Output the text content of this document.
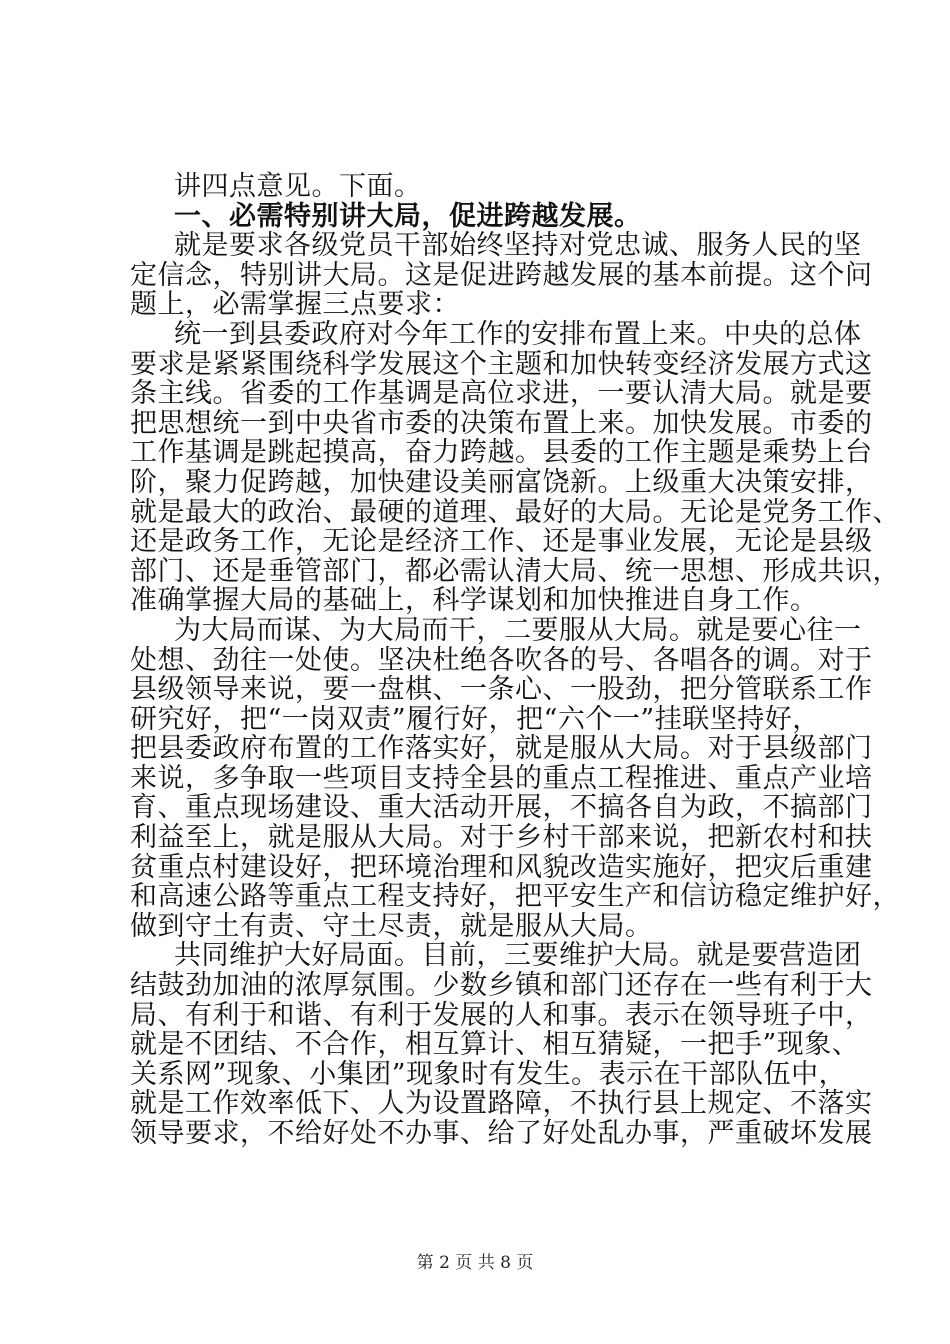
讲四点意见。下面。
一、必需特别讲大局，促进跨越发展。
就是要求各级党员干部始终坚持对党忠诚、服务人民的坚
定信念，特别讲大局。这是促进跨越发展的基本前提。这个问
题上，必需掌握三点要求：
统一到县委政府对今年工作的安排布置上来。中央的总体
要求是紧紧围绕科学发展这个主题和加快转变经济发展方式这
条主线。省委的工作基调是高位求进，一要认清大局。就是要
把思想统一到中央省市委的决策布置上来。加快发展。市委的
工作基调是跳起摸高，奋力跨越。县委的工作主题是乘势上台
阶，聚力促跨越，加快建设美丽富饶新。上级重大决策安排，
就是最大的政治、最硬的道理、最好的大局。无论是党务工作、
还是政务工作，无论是经济工作、还是事业发展，无论是县级
部门、还是垂管部门，都必需认清大局、统一思想、形成共识，
准确掌握大局的基础上，科学谋划和加快推进自身工作。
为大局而谋、为大局而干，二要服从大局。就是要心往一
处想、劲往一处使。坚决杜绝各吹各的号、各唱各的调。对于
县级领导来说，要一盘棋、一条心、一股劲，把分管联系工作
研究好，把“一岗双责”履行好，把“六个一”挂联坚持好，
把县委政府布置的工作落实好，就是服从大局。对于县级部门
来说，多争取一些项目支持全县的重点工程推进、重点产业培
育、重点现场建设、重大活动开展，不搞各自为政，不搞部门
利益至上，就是服从大局。对于乡村干部来说，把新农村和扶
贫重点村建设好，把环境治理和风貌改造实施好，把灾后重建
和高速公路等重点工程支持好，把平安生产和信访稳定维护好，
做到守土有责、守土尽责，就是服从大局。
共同维护大好局面。目前，三要维护大局。就是要营造团
结鼓劲加油的浓厚氛围。少数乡镇和部门还存在一些有利于大
局、有利于和谐、有利于发展的人和事。表示在领导班子中，
就是不团结、不合作，相互算计、相互猜疑，一把手”现象、
关系网”现象、小集团”现象时有发生。表示在干部队伍中，
就是工作效率低下、人为设置路障，不执行县上规定、不落实
领导要求，不给好处不办事、给了好处乱办事，严重破坏发展
第 2 页 共 8 页
